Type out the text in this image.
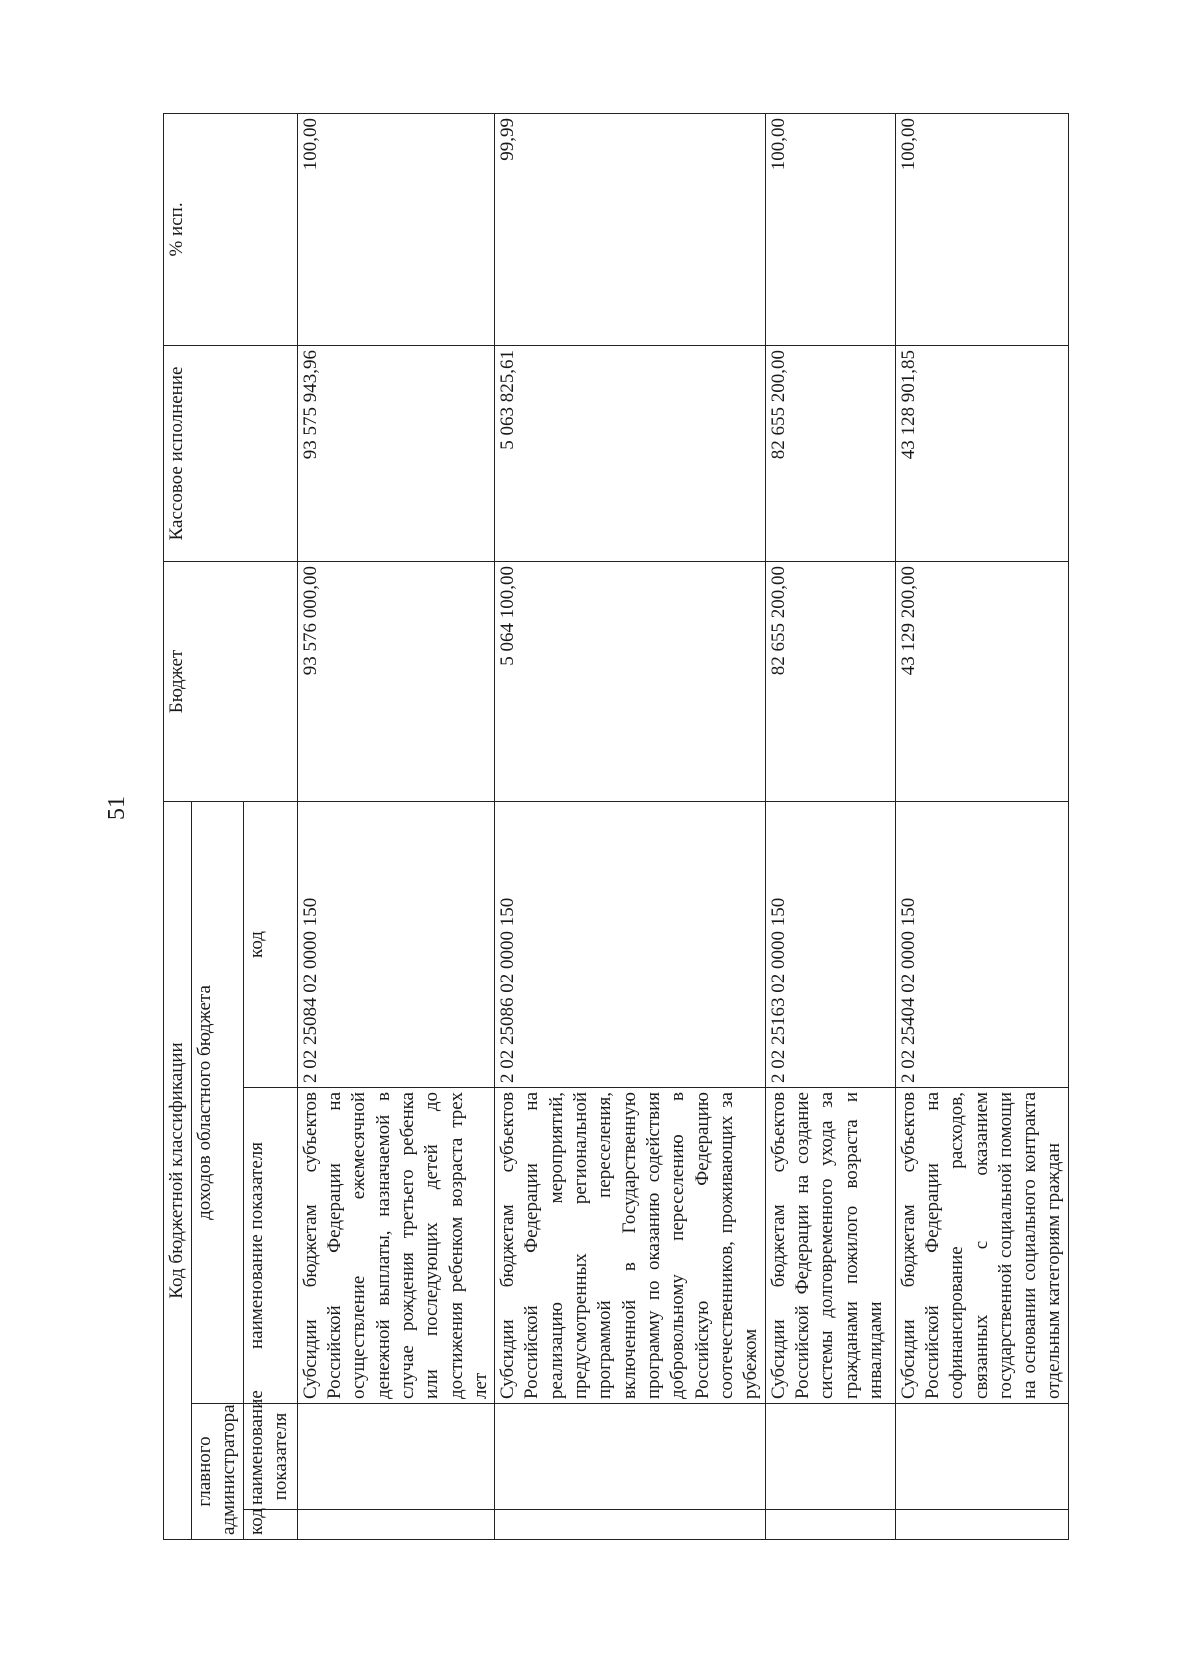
51
Код бюджетной классификации				Бюджет	Кассовое исполнение	% исп.
главного администратора		доходов областного бюджета				
код	наименование показателя	наименование показателя	код			
		Субсидии бюджетам субъектов Российской Федерации на осуществление ежемесячной денежной выплаты, назначаемой в случае рождения третьего ребенка или последующих детей до достижения ребенком возраста трех лет	2 02 25084 02 0000 150	93 576 000,00	93 575 943,96	100,00
		Субсидии бюджетам субъектов Российской Федерации на реализацию мероприятий, предусмотренных региональной программой переселения, включенной в Государственную программу по оказанию содействия добровольному переселению в Российскую Федерацию соотечественников, проживающих за рубежом	2 02 25086 02 0000 150	5 064 100,00	5 063 825,61	99,99
		Субсидии бюджетам субъектов Российской Федерации на создание системы долговременного ухода за гражданами пожилого возраста и инвалидами	2 02 25163 02 0000 150	82 655 200,00	82 655 200,00	100,00
		Субсидии бюджетам субъектов Российской Федерации на софинансирование расходов, связанных с оказанием государственной социальной помощи на основании социального контракта отдельным категориям граждан	2 02 25404 02 0000 150	43 129 200,00	43 128 901,85	100,00
